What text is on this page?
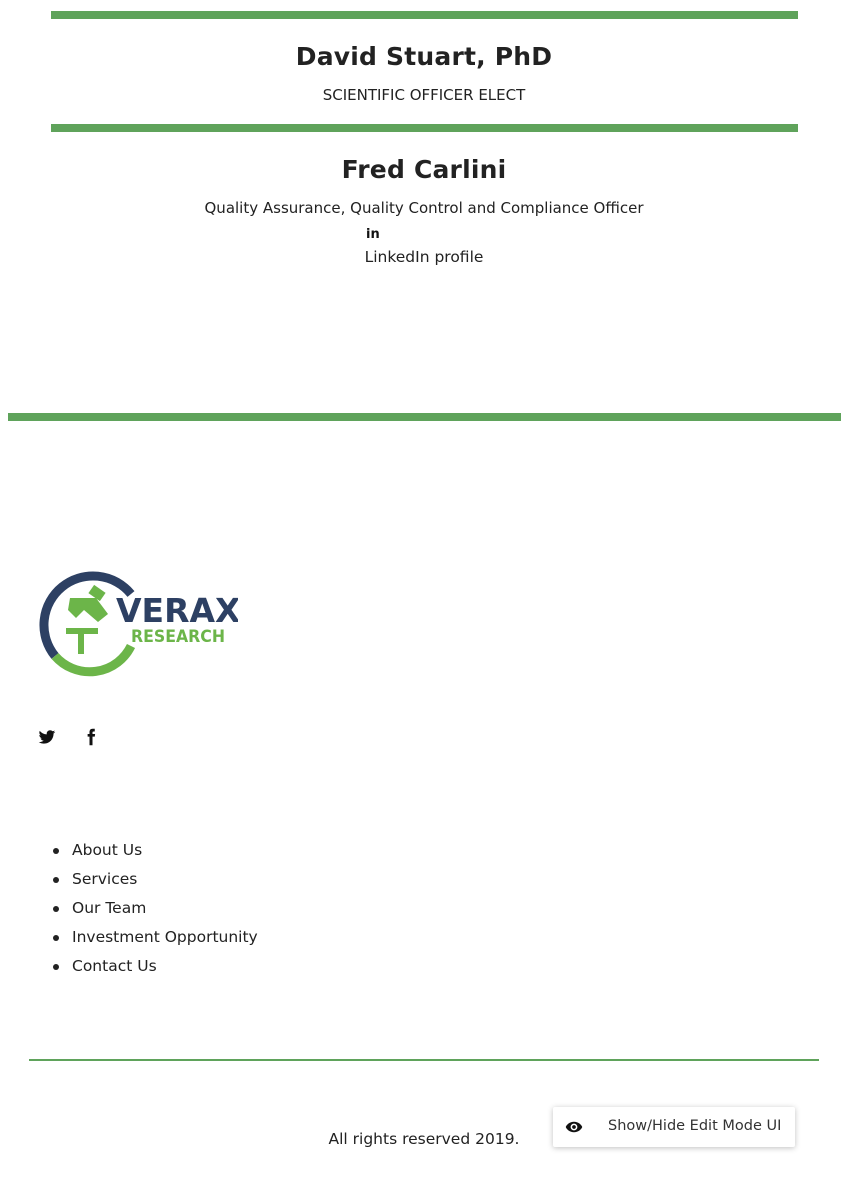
David Stuart, PhD
SCIENTIFIC OFFICER ELECT
Fred Carlini
Quality Assurance, Quality Control and Compliance Officer
in
LinkedIn profile
VERAX
RESEARCH
About Us
Services
Our Team
Investment Opportunity
Contact Us
All rights reserved 2019.
Show/Hide Edit Mode UI
